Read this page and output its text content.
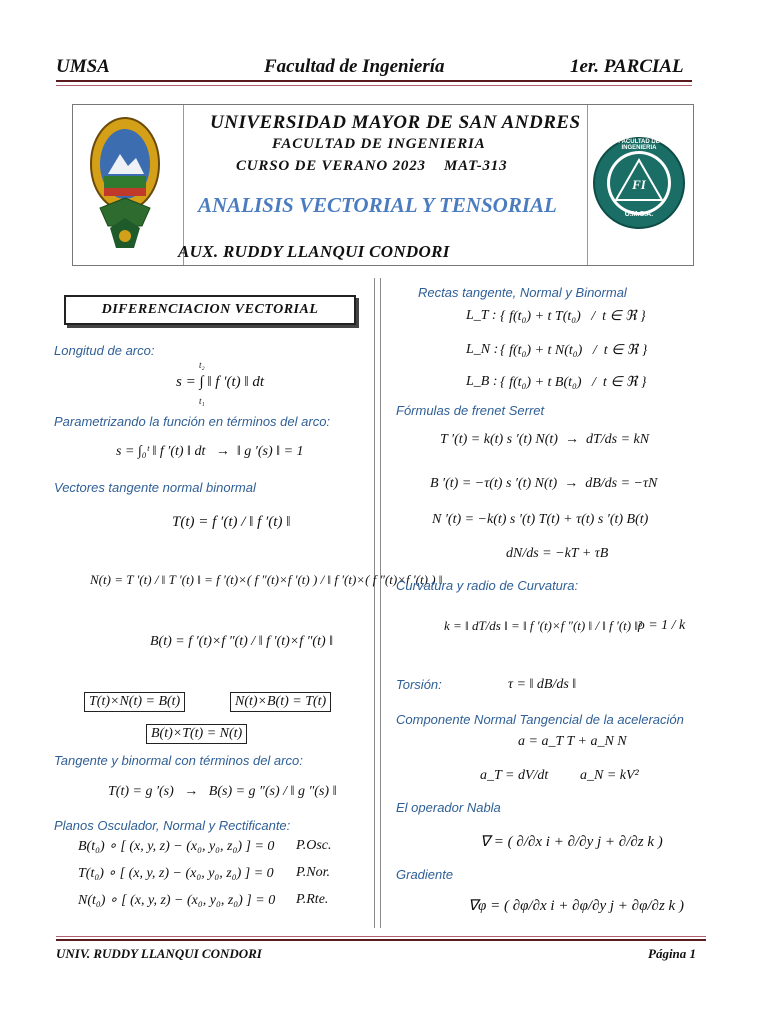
UMSA	Facultad de Ingeniería	1er. PARCIAL
UNIVERSIDAD MAYOR DE SAN ANDRES
FACULTAD DE INGENIERIA
CURSO DE VERANO 2023    MAT-313
ANALISIS VECTORIAL Y TENSORIAL
AUX. RUDDY LLANQUI CONDORI
FI
U.M.S.A.
FACULTAD DE INGENIERIA
DIFERENCIACION VECTORIAL
Longitud de arco:
s = ∫ ‖ f ′(t) ‖ dt
t₂
t₁
Parametrizando la función en términos del arco:
s = ∫₀ᵗ ‖ f ′(t) ‖ dt   →  ‖ g ′(s) ‖ = 1
Vectores tangente normal binormal
T(t) = f ′(t) / ‖ f ′(t) ‖
N(t) = T ′(t) / ‖ T ′(t) ‖ = f ′(t)×( f ″(t)×f ′(t) ) / ‖ f ′(t)×( f ″(t)×f ′(t) ) ‖
B(t) = f ′(t)×f ″(t) / ‖ f ′(t)×f ″(t) ‖
T(t)×N(t) = B(t)	N(t)×B(t) = T(t)
B(t)×T(t) = N(t)
Tangente y binormal con términos del arco:
T(t) = g ′(s)   →   B(s) = g ″(s) / ‖ g ″(s) ‖
Planos Osculador, Normal y Rectificante:
B(t₀) ∘ [ (x, y, z) − (x₀, y₀, z₀) ] = 0 P.Osc.
T(t₀) ∘ [ (x, y, z) − (x₀, y₀, z₀) ] = 0 P.Nor.
N(t₀) ∘ [ (x, y, z) − (x₀, y₀, z₀) ] = 0 P.Rte.
Rectas tangente, Normal y Binormal
L_T : { f(t₀) + t T(t₀)   /  t ∈ ℜ }
L_N : { f(t₀) + t N(t₀)   /  t ∈ ℜ }
L_B : { f(t₀) + t B(t₀)   /  t ∈ ℜ }
Fórmulas de frenet Serret
T ′(t) = k(t) s ′(t) N(t)  →  dT/ds = kN
B ′(t) = −τ(t) s ′(t) N(t)  →  dB/ds = −τN
N ′(t) = −k(t) s ′(t) T(t) + τ(t) s ′(t) B(t)
dN/ds = −kT + τB
Curvatura y radio de Curvatura:
k = ‖ dT/ds ‖ = ‖ f ′(t)×f ″(t) ‖ / ‖ f ′(t) ‖³
ρ = 1 / k
Torsión:	τ = ‖ dB/ds ‖
Componente Normal Tangencial de la aceleración
a = a_T T + a_N N
a_T = dV/dt a_N = kV²
El operador Nabla
∇ = ( ∂/∂x i + ∂/∂y j + ∂/∂z k )
Gradiente
∇φ = ( ∂φ/∂x i + ∂φ/∂y j + ∂φ/∂z k )
UNIV. RUDDY LLANQUI CONDORI	Página 1
